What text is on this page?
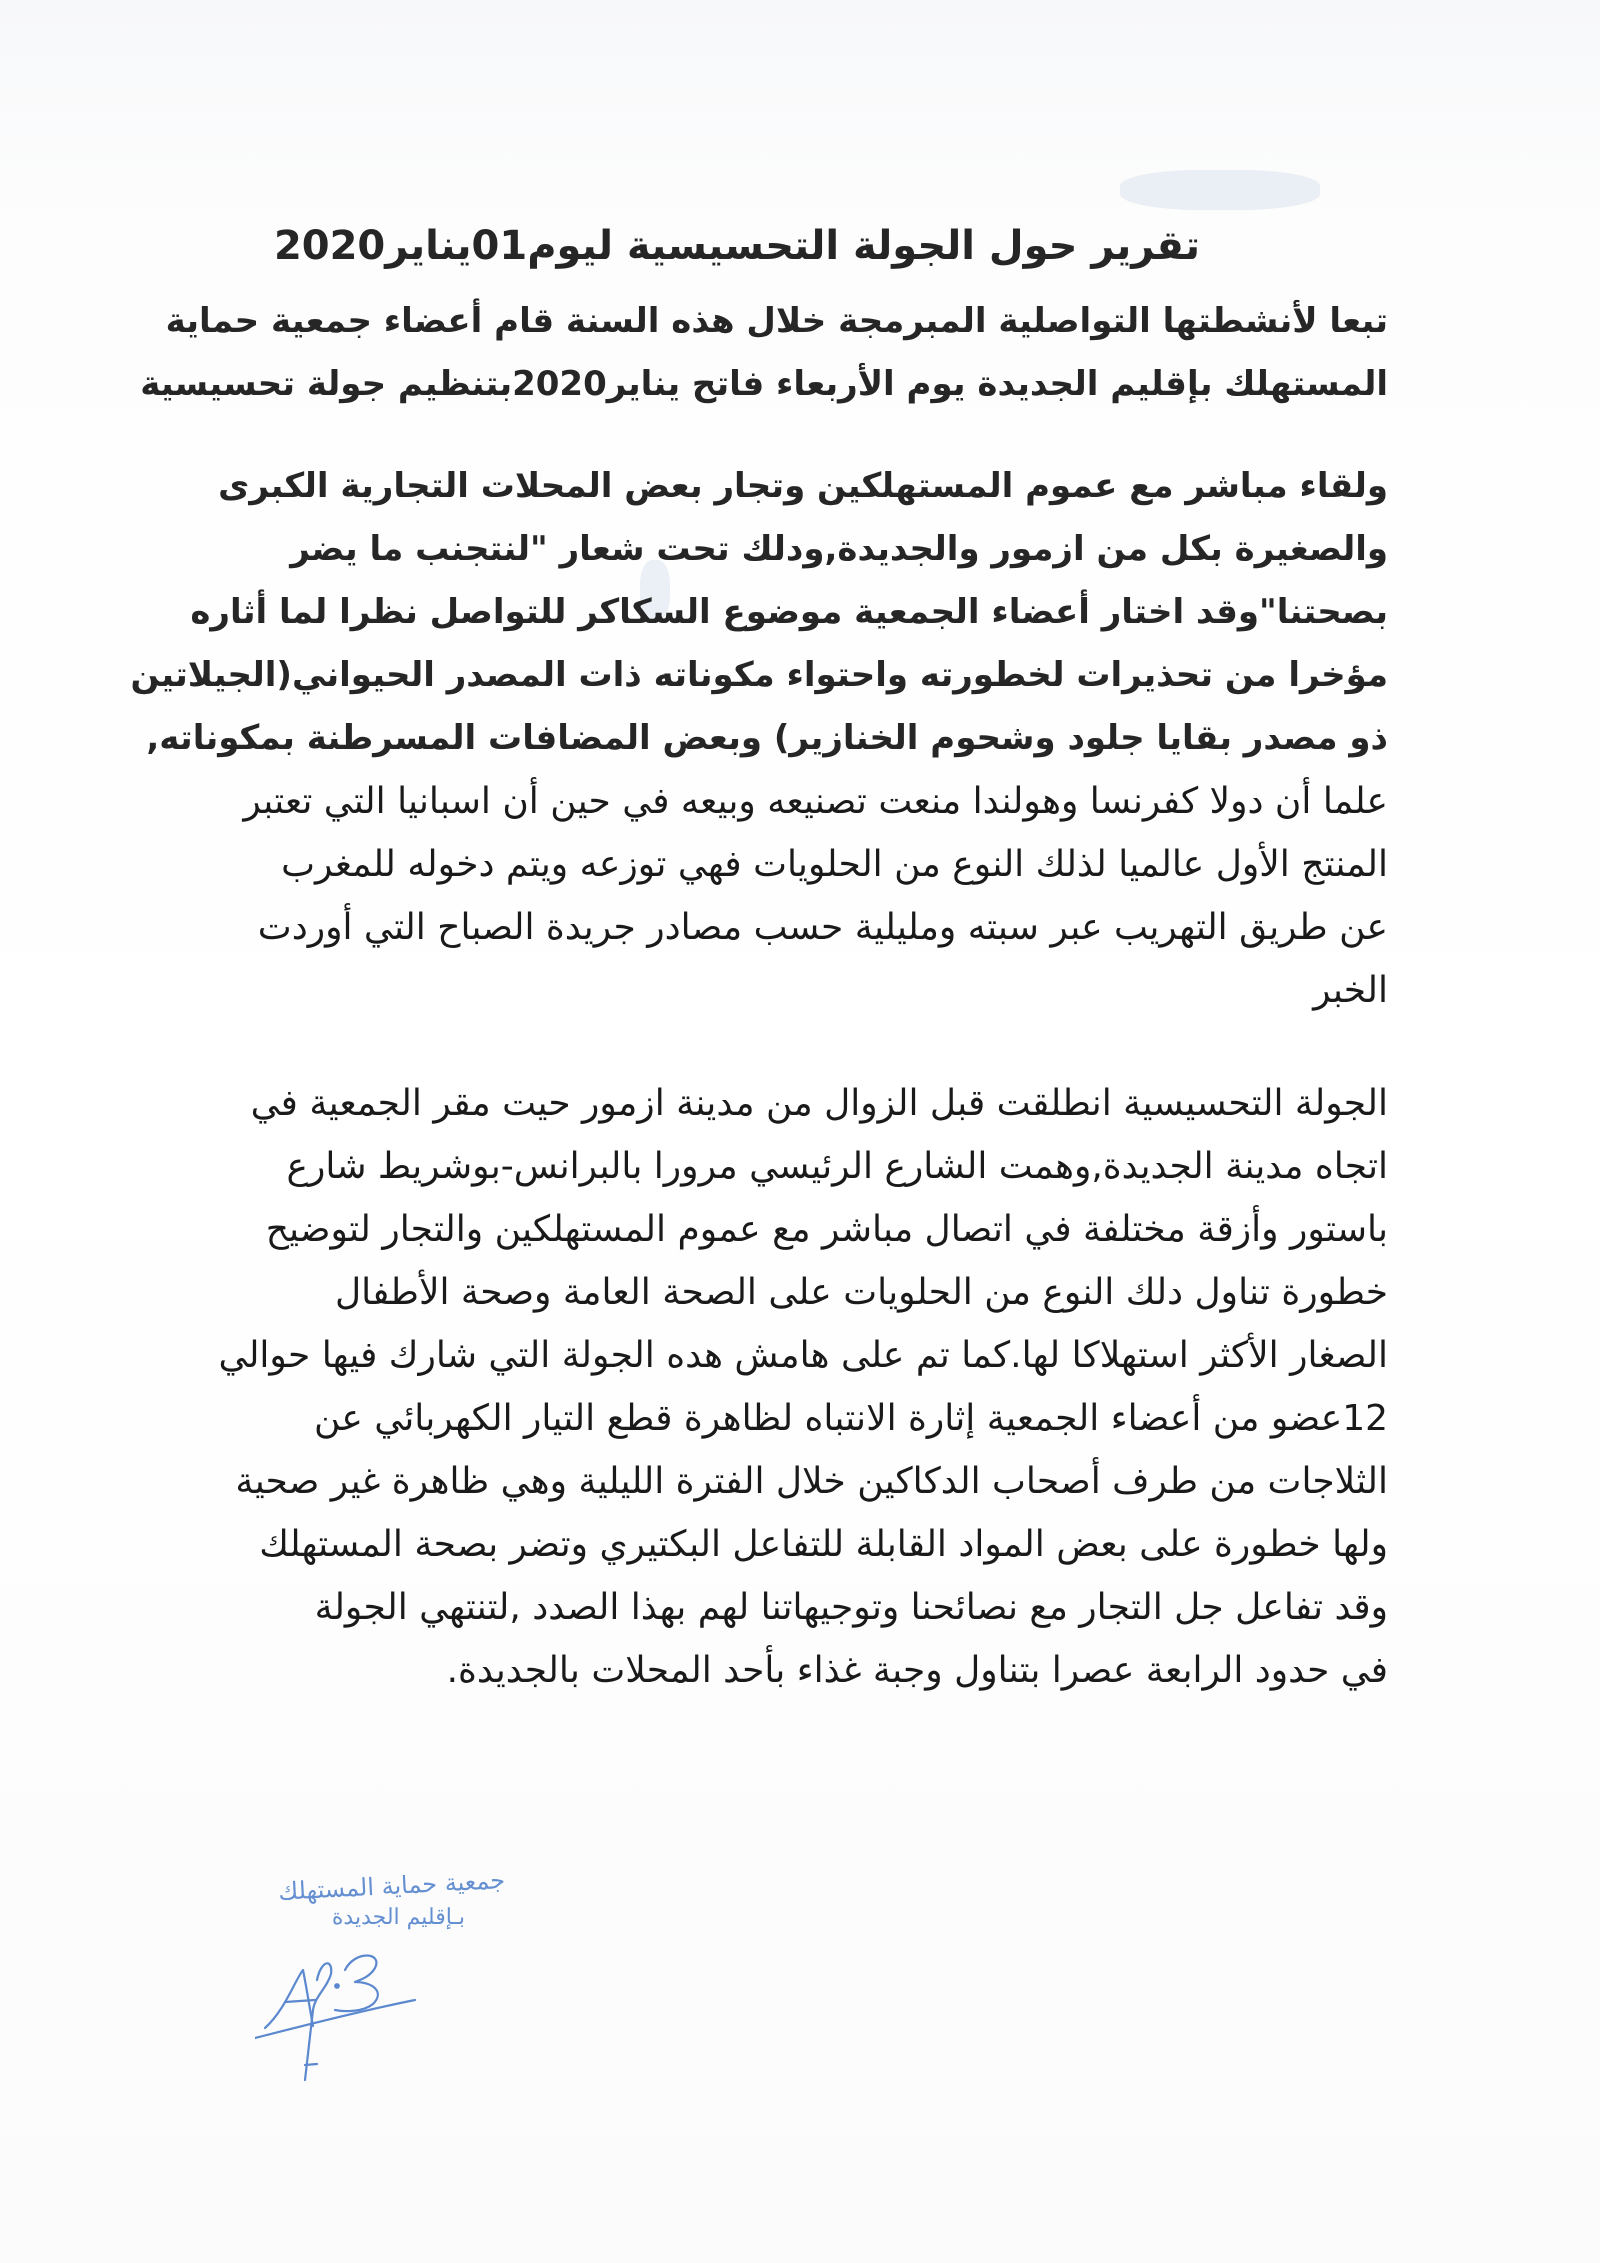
تقرير حول الجولة التحسيسية ليوم01يناير2020
تبعا لأنشطتها التواصلية المبرمجة خلال هذه السنة قام أعضاء جمعية حماية
المستهلك بإقليم الجديدة يوم الأربعاء فاتح يناير2020بتنظيم جولة تحسيسية
ولقاء مباشر مع عموم المستهلكين وتجار بعض المحلات التجارية الكبرى
والصغيرة بكل من ازمور والجديدة,ودلك تحت شعار "لنتجنب ما يضر
بصحتنا"وقد اختار أعضاء الجمعية موضوع السكاكر للتواصل نظرا لما أثاره
مؤخرا من تحذيرات لخطورته واحتواء مكوناته ذات المصدر الحيواني(الجيلاتين
ذو مصدر بقايا جلود وشحوم الخنازير) وبعض المضافات المسرطنة بمكوناته,
علما أن دولا كفرنسا وهولندا منعت تصنيعه وبيعه في حين أن اسبانيا التي تعتبر
المنتج الأول عالميا لذلك النوع من الحلويات فهي توزعه ويتم دخوله للمغرب
عن طريق التهريب عبر سبته ومليلية حسب مصادر جريدة الصباح التي أوردت
الخبر
الجولة التحسيسية انطلقت قبل الزوال من مدينة ازمور حيت مقر الجمعية في
اتجاه مدينة الجديدة,وهمت الشارع الرئيسي مرورا بالبرانس-بوشريط شارع
باستور وأزقة مختلفة في اتصال مباشر مع عموم المستهلكين والتجار لتوضيح
خطورة تناول دلك النوع من الحلويات على الصحة العامة وصحة الأطفال
الصغار الأكثر استهلاكا لها.كما تم على هامش هده الجولة التي شارك فيها حوالي
12عضو من أعضاء الجمعية إثارة الانتباه لظاهرة قطع التيار الكهربائي عن
الثلاجات من طرف أصحاب الدكاكين خلال الفترة الليلية وهي ظاهرة غير صحية
ولها خطورة على بعض المواد القابلة للتفاعل البكتيري وتضر بصحة المستهلك
وقد تفاعل جل التجار مع نصائحنا وتوجيهاتنا لهم بهذا الصدد ,لتنتهي الجولة
في حدود الرابعة عصرا بتناول وجبة غذاء بأحد المحلات بالجديدة.
جمعية حماية المستهلك
بـإقليم الجديدة
